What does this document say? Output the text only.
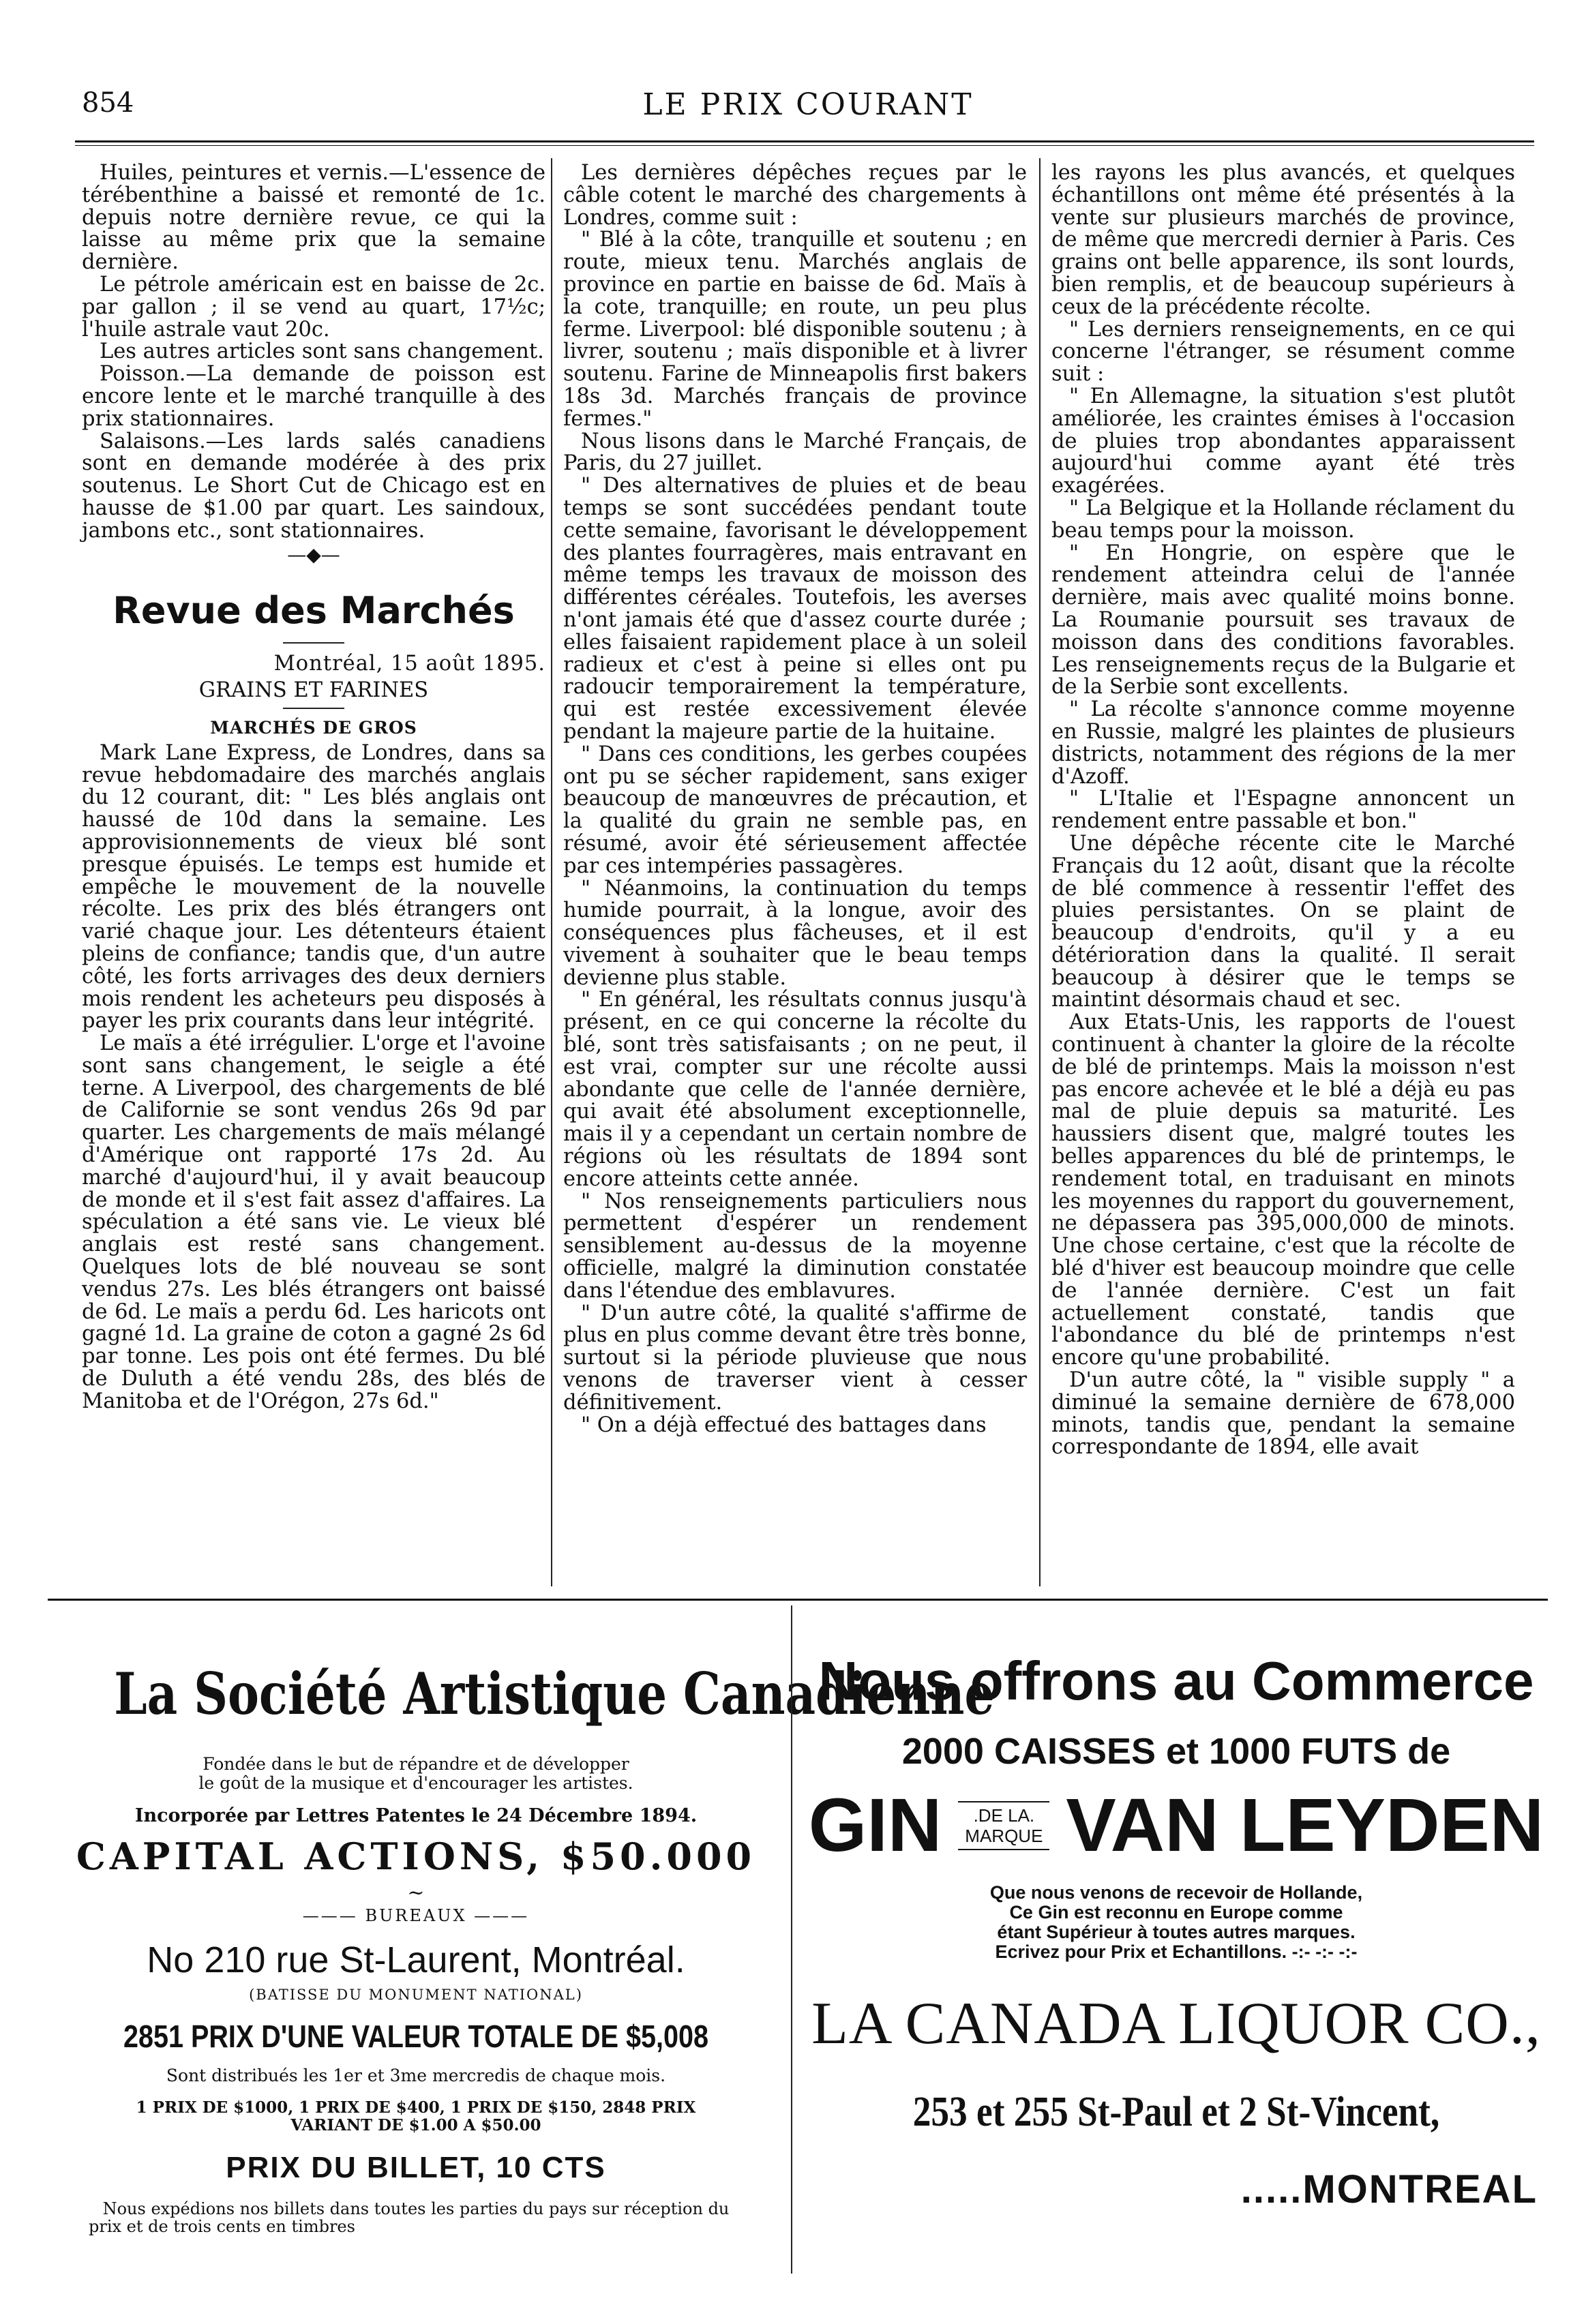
854	LE PRIX COURANT

Huiles, peintures et vernis.—L'essence de térébenthine a baissé et remonté de 1c. depuis notre dernière revue, ce qui la laisse au même prix que la semaine dernière.

Le pétrole américain est en baisse de 2c. par gallon ; il se vend au quart, 17½c; l'huile astrale vaut 20c.

Les autres articles sont sans changement.

Poisson.—La demande de poisson est encore lente et le marché tranquille à des prix stationnaires.

Salaisons.—Les lards salés canadiens sont en demande modérée à des prix soutenus. Le Short Cut de Chicago est en hausse de $1.00 par quart. Les saindoux, jambons etc., sont stationnaires.

—◆—
Revue des Marchés
Montréal, 15 août 1895.
GRAINS ET FARINES
MARCHÉS DE GROS

Mark Lane Express, de Londres, dans sa revue hebdomadaire des marchés anglais du 12 courant, dit: " Les blés anglais ont haussé de 10d dans la semaine. Les approvisionnements de vieux blé sont presque épuisés. Le temps est humide et empêche le mouvement de la nouvelle récolte. Les prix des blés étrangers ont varié chaque jour. Les détenteurs étaient pleins de confiance; tandis que, d'un autre côté, les forts arrivages des deux derniers mois rendent les acheteurs peu disposés à payer les prix courants dans leur intégrité.

Le maïs a été irrégulier. L'orge et l'avoine sont sans changement, le seigle a été terne. A Liverpool, des chargements de blé de Californie se sont vendus 26s 9d par quarter. Les chargements de maïs mélangé d'Amérique ont rapporté 17s 2d. Au marché d'aujourd'hui, il y avait beaucoup de monde et il s'est fait assez d'affaires. La spéculation a été sans vie. Le vieux blé anglais est resté sans changement. Quelques lots de blé nouveau se sont vendus 27s. Les blés étrangers ont baissé de 6d. Le maïs a perdu 6d. Les haricots ont gagné 1d. La graine de coton a gagné 2s 6d par tonne. Les pois ont été fermes. Du blé de Duluth a été vendu 28s, des blés de Manitoba et de l'Orégon, 27s 6d."

Les dernières dépêches reçues par le câble cotent le marché des chargements à Londres, comme suit :

" Blé à la côte, tranquille et soutenu ; en route, mieux tenu. Marchés anglais de province en partie en baisse de 6d. Maïs à la cote, tranquille; en route, un peu plus ferme. Liverpool: blé disponible soutenu ; à livrer, soutenu ; maïs disponible et à livrer soutenu. Farine de Minneapolis first bakers 18s 3d. Marchés français de province fermes."

Nous lisons dans le Marché Français, de Paris, du 27 juillet.

" Des alternatives de pluies et de beau temps se sont succédées pendant toute cette semaine, favorisant le développement des plantes fourragères, mais entravant en même temps les travaux de moisson des différentes céréales. Toutefois, les averses n'ont jamais été que d'assez courte durée ; elles faisaient rapidement place à un soleil radieux et c'est à peine si elles ont pu radoucir temporairement la température, qui est restée excessivement élevée pendant la majeure partie de la huitaine.

" Dans ces conditions, les gerbes coupées ont pu se sécher rapidement, sans exiger beaucoup de manœuvres de précaution, et la qualité du grain ne semble pas, en résumé, avoir été sérieusement affectée par ces intempéries passagères.

" Néanmoins, la continuation du temps humide pourrait, à la longue, avoir des conséquences plus fâcheuses, et il est vivement à souhaiter que le beau temps devienne plus stable.

" En général, les résultats connus jusqu'à présent, en ce qui concerne la récolte du blé, sont très satisfaisants ; on ne peut, il est vrai, compter sur une récolte aussi abondante que celle de l'année dernière, qui avait été absolument exceptionnelle, mais il y a cependant un certain nombre de régions où les résultats de 1894 sont encore atteints cette année.

" Nos renseignements particuliers nous permettent d'espérer un rendement sensiblement au-dessus de la moyenne officielle, malgré la diminution constatée dans l'étendue des emblavures.

" D'un autre côté, la qualité s'affirme de plus en plus comme devant être très bonne, surtout si la période pluvieuse que nous venons de traverser vient à cesser définitivement.

" On a déjà effectué des battages dans

les rayons les plus avancés, et quelques échantillons ont même été présentés à la vente sur plusieurs marchés de province, de même que mercredi dernier à Paris. Ces grains ont belle apparence, ils sont lourds, bien remplis, et de beaucoup supérieurs à ceux de la précédente récolte.

" Les derniers renseignements, en ce qui concerne l'étranger, se résument comme suit :

" En Allemagne, la situation s'est plutôt améliorée, les craintes émises à l'occasion de pluies trop abondantes apparaissent aujourd'hui comme ayant été très exagérées.

" La Belgique et la Hollande réclament du beau temps pour la moisson.

" En Hongrie, on espère que le rendement atteindra celui de l'année dernière, mais avec qualité moins bonne. La Roumanie poursuit ses travaux de moisson dans des conditions favorables. Les renseignements reçus de la Bulgarie et de la Serbie sont excellents.

" La récolte s'annonce comme moyenne en Russie, malgré les plaintes de plusieurs districts, notamment des régions de la mer d'Azoff.

" L'Italie et l'Espagne annoncent un rendement entre passable et bon."

Une dépêche récente cite le Marché Français du 12 août, disant que la récolte de blé commence à ressentir l'effet des pluies persistantes. On se plaint de beaucoup d'endroits, qu'il y a eu détérioration dans la qualité. Il serait beaucoup à désirer que le temps se maintint désormais chaud et sec.

Aux Etats-Unis, les rapports de l'ouest continuent à chanter la gloire de la récolte de blé de printemps. Mais la moisson n'est pas encore achevée et le blé a déjà eu pas mal de pluie depuis sa maturité. Les haussiers disent que, malgré toutes les belles apparences du blé de printemps, le rendement total, en traduisant en minots les moyennes du rapport du gouvernement, ne dépassera pas 395,000,000 de minots. Une chose certaine, c'est que la récolte de blé d'hiver est beaucoup moindre que celle de l'année dernière. C'est un fait actuellement constaté, tandis que l'abondance du blé de printemps n'est encore qu'une probabilité.

D'un autre côté, la " visible supply " a diminué la semaine dernière de 678,000 minots, tandis que, pendant la semaine correspondante de 1894, elle avait

La Société Artistique Canadienne
Fondée dans le but de répandre et de développer
le goût de la musique et d'encourager les artistes.
Incorporée par Lettres Patentes le 24 Décembre 1894.
CAPITAL ACTIONS, $50.000
~
——— BUREAUX ———
No 210 rue St-Laurent, Montréal.
(BATISSE DU MONUMENT NATIONAL)
2851 PRIX D'UNE VALEUR TOTALE DE $5,008
Sont distribués les 1er et 3me mercredis de chaque mois.
1 PRIX DE $1000, 1 PRIX DE $400, 1 PRIX DE $150, 2848 PRIX
VARIANT DE $1.00 A $50.00
PRIX DU BILLET, 10 CTS
Nous expédions nos billets dans toutes les parties du pays sur réception du
prix et de trois cents en timbres
Nous offrons au Commerce
2000 CAISSES et 1000 FUTS de
GIN	.DE LA.
MARQUE VAN LEYDEN
Que nous venons de recevoir de Hollande,
Ce Gin est reconnu en Europe comme
étant Supérieur à toutes autres marques.
Ecrivez pour Prix et Echantillons. -:- -:- -:-
LA CANADA LIQUOR CO.,
253 et 255 St-Paul et 2 St-Vincent,
.....MONTREAL
